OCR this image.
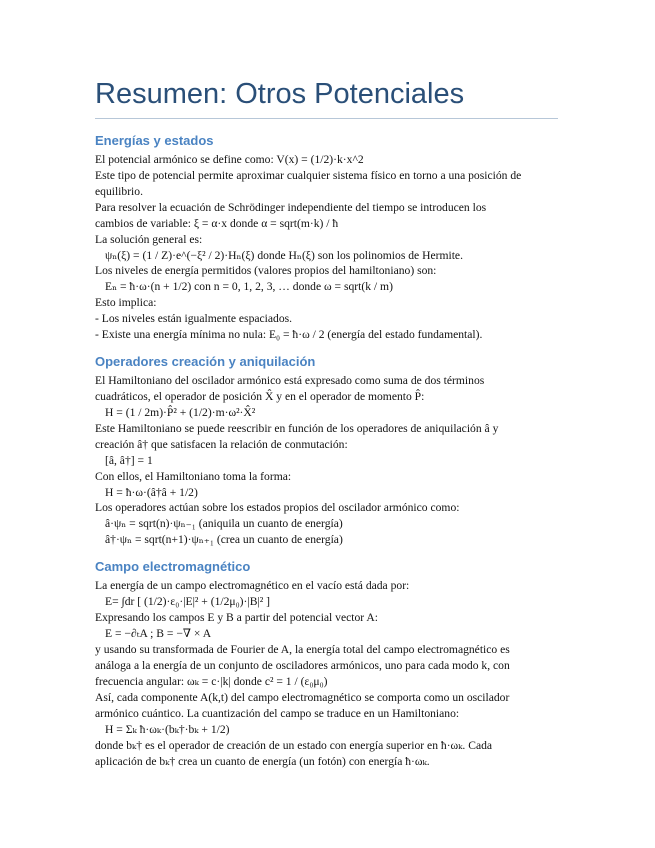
Resumen: Otros Potenciales
Energías y estados

El potencial armónico se define como: V(x) = (1/2)·k·x^2

Este tipo de potencial permite aproximar cualquier sistema físico en torno a una posición de

equilibrio.

Para resolver la ecuación de Schrödinger independiente del tiempo se introducen los

cambios de variable: ξ = α·x donde α = sqrt(m·k) / ħ

La solución general es:

ψₙ(ξ) = (1 / Z)·e^(−ξ² / 2)·Hₙ(ξ) donde Hₙ(ξ) son los polinomios de Hermite.

Los niveles de energía permitidos (valores propios del hamiltoniano) son:

Eₙ = ħ·ω·(n + 1/2) con n = 0, 1, 2, 3, … donde ω = sqrt(k / m)

Esto implica:

- Los niveles están igualmente espaciados.

- Existe una energía mínima no nula: E₀ = ħ·ω / 2 (energía del estado fundamental).

Operadores creación y aniquilación

El Hamiltoniano del oscilador armónico está expresado como suma de dos términos

cuadráticos, el operador de posición X̂ y en el operador de momento P̂:

H = (1 / 2m)·P̂² + (1/2)·m·ω²·X̂²

Este Hamiltoniano se puede reescribir en función de los operadores de aniquilación â y

creación â† que satisfacen la relación de conmutación:

[â, â†] = 1

Con ellos, el Hamiltoniano toma la forma:

H = ħ·ω·(â†â + 1/2)

Los operadores actúan sobre los estados propios del oscilador armónico como:

â·ψₙ = sqrt(n)·ψₙ₋₁ (aniquila un cuanto de energía)

â†·ψₙ = sqrt(n+1)·ψₙ₊₁ (crea un cuanto de energía)

Campo electromagnético

La energía de un campo electromagnético en el vacío está dada por:

E= ∫dr [ (1/2)·ε₀·|E|² + (1/2μ₀)·|B|² ]

Expresando los campos E y B a partir del potencial vector A:

E = −∂ₜA ; B = −∇ × A

y usando su transformada de Fourier de A, la energía total del campo electromagnético es

análoga a la energía de un conjunto de osciladores armónicos, uno para cada modo k, con

frecuencia angular: ωₖ = c·|k| donde c² = 1 / (ε₀μ₀)

Así, cada componente A(k,t) del campo electromagnético se comporta como un oscilador

armónico cuántico. La cuantización del campo se traduce en un Hamiltoniano:

H = Σₖ ħ·ωₖ·(bₖ†·bₖ + 1/2)

donde bₖ† es el operador de creación de un estado con energía superior en ħ·ωₖ. Cada

aplicación de bₖ† crea un cuanto de energía (un fotón) con energía ħ·ωₖ.
